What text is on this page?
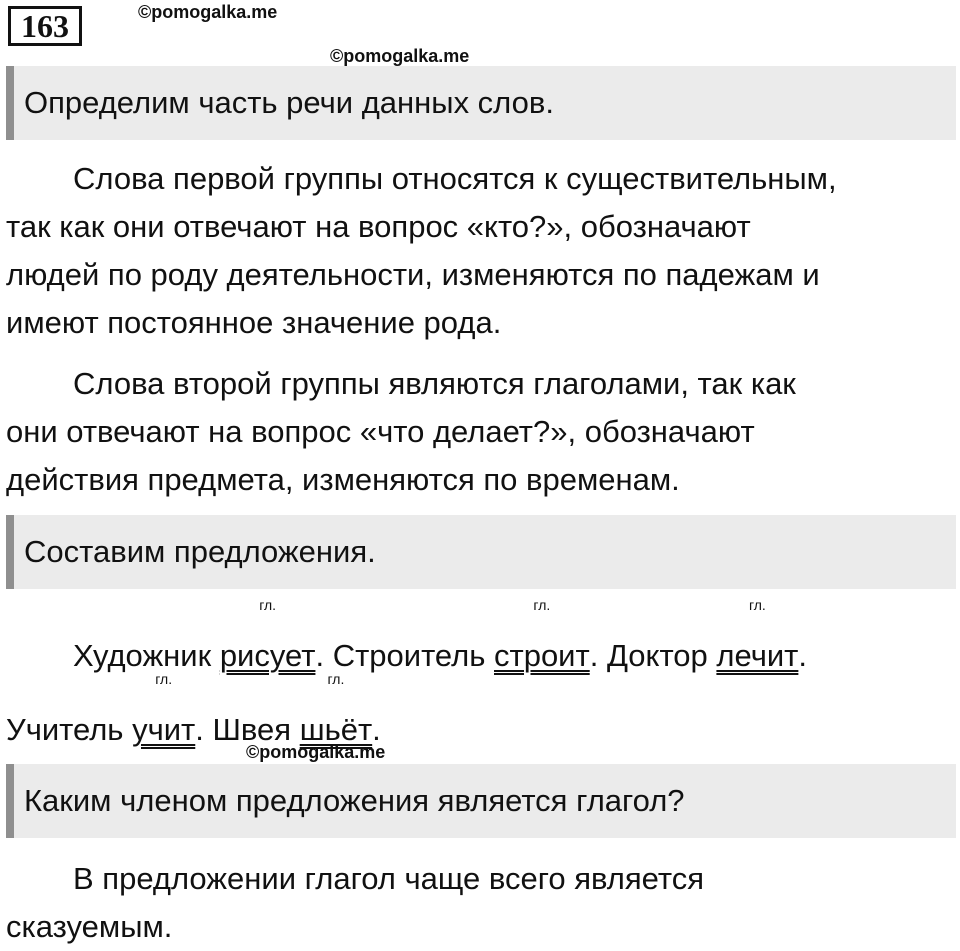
163	©pomogalka.me
©pomogalka.me
©pomogalka.me
Определим часть речи данных слов.
Слова первой группы относятся к существительным,
так как они отвечают на вопрос «кто?», обозначают
людей по роду деятельности, изменяются по падежам и
имеют постоянное значение рода.
Слова второй группы являются глаголами, так как
они отвечают на вопрос «что делает?», обозначают
действия предмета, изменяются по временам.
Составим предложения.
Художник рисует
гл.
. Строитель строит
гл.
. Доктор лечит
гл.
.
Учитель учит
гл.
. Швея шьёт
гл.
.
Каким членом предложения является глагол?
В предложении глагол чаще всего является
сказуемым.
